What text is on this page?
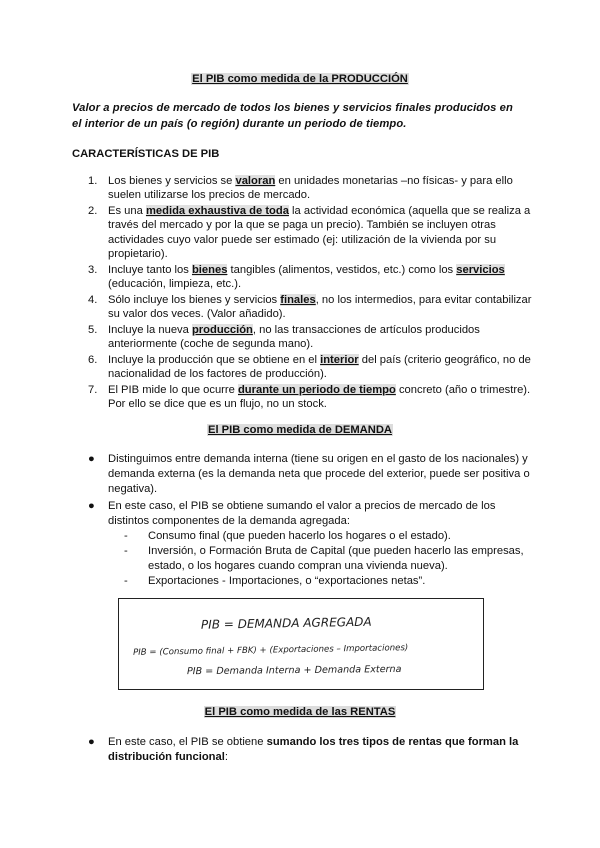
El PIB como medida de la PRODUCCIÓN
Valor a precios de mercado de todos los bienes y servicios finales producidos en el interior de un país (o región) durante un periodo de tiempo.
CARACTERÍSTICAS DE PIB
1. Los bienes y servicios se valoran en unidades monetarias –no físicas- y para ello suelen utilizarse los precios de mercado.
2. Es una medida exhaustiva de toda la actividad económica (aquella que se realiza a través del mercado y por la que se paga un precio). También se incluyen otras actividades cuyo valor puede ser estimado (ej: utilización de la vivienda por su propietario).
3. Incluye tanto los bienes tangibles (alimentos, vestidos, etc.) como los servicios (educación, limpieza, etc.).
4. Sólo incluye los bienes y servicios finales, no los intermedios, para evitar contabilizar su valor dos veces. (Valor añadido).
5. Incluye la nueva producción, no las transacciones de artículos producidos anteriormente (coche de segunda mano).
6. Incluye la producción que se obtiene en el interior del país (criterio geográfico, no de nacionalidad de los factores de producción).
7. El PIB mide lo que ocurre durante un periodo de tiempo concreto (año o trimestre). Por ello se dice que es un flujo, no un stock.
El PIB como medida de DEMANDA
● Distinguimos entre demanda interna (tiene su origen en el gasto de los nacionales) y demanda externa (es la demanda neta que procede del exterior, puede ser positiva o negativa).
● En este caso, el PIB se obtiene sumando el valor a precios de mercado de los distintos componentes de la demanda agregada:
- Consumo final (que pueden hacerlo los hogares o el estado).
- Inversión, o Formación Bruta de Capital (que pueden hacerlo las empresas, estado, o los hogares cuando compran una vivienda nueva).
- Exportaciones - Importaciones, o “exportaciones netas”.
PIB = DEMANDA AGREGADA
PIB = (Consumo final + FBK) + (Exportaciones – Importaciones)
PIB = Demanda Interna + Demanda Externa
El PIB como medida de las RENTAS
● En este caso, el PIB se obtiene sumando los tres tipos de rentas que forman la distribución funcional:
